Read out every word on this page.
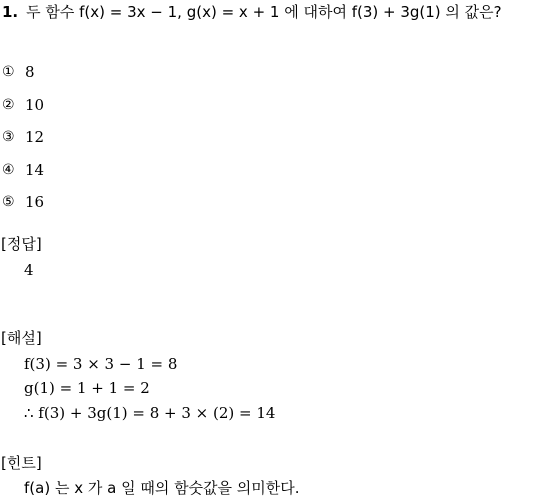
1. 두 함수 f(x) = 3x − 1, g(x) = x + 1 에 대하여 f(3) + 3g(1) 의 값은?
① 8
② 10
③ 12
④ 14
⑤ 16
[정답]
4
[해설]
f(3) = 3 × 3 − 1 = 8
g(1) = 1 + 1 = 2
∴ f(3) + 3g(1) = 8 + 3 × (2) = 14
[힌트]
f(a) 는 x 가 a 일 때의 함숫값을 의미한다.
